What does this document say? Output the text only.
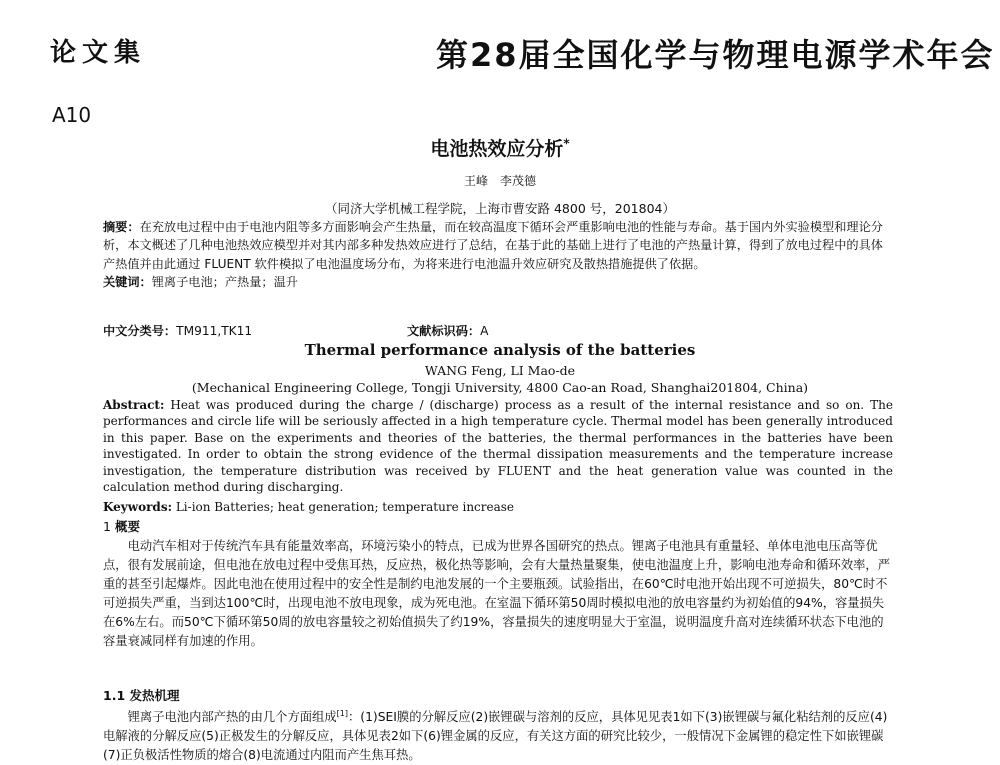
论文集	第28届全国化学与物理电源学术年会
A10
电池热效应分析*
王峰　李茂德
（同济大学机械工程学院，上海市曹安路 4800 号，201804）
摘要：在充放电过程中由于电池内阻等多方面影响会产生热量，而在较高温度下循环会严重影响电池的性能与寿命。基于国内外实验模型和理论分析，本文概述了几种电池热效应模型并对其内部多种发热效应进行了总结，在基于此的基础上进行了电池的产热量计算，得到了放电过程中的具体产热值并由此通过 FLUENT 软件模拟了电池温度场分布，为将来进行电池温升效应研究及散热措施提供了依据。
关键词：锂离子电池；产热量；温升
中文分类号：TM911,TK11	文献标识码：A
Thermal performance analysis of the batteries
WANG Feng, LI Mao-de
(Mechanical Engineering College, Tongji University, 4800 Cao-an Road, Shanghai201804, China)
Abstract: Heat was produced during the charge / (discharge) process as a result of the internal resistance and so on. The performances and circle life will be seriously affected in a high temperature cycle. Thermal model has been generally introduced in this paper. Base on the experiments and theories of the batteries, the thermal performances in the batteries have been investigated. In order to obtain the strong evidence of the thermal dissipation measurements and the temperature increase investigation, the temperature distribution was received by FLUENT and the heat generation value was counted in the calculation method during discharging.
Keywords: Li-ion Batteries; heat generation; temperature increase
1 概要

电动汽车相对于传统汽车具有能量效率高，环境污染小的特点，已成为世界各国研究的热点。锂离子电池具有重量轻、单体电池电压高等优点，很有发展前途，但电池在放电过程中受焦耳热，反应热，极化热等影响，会有大量热量聚集，使电池温度上升，影响电池寿命和循环效率，严重的甚至引起爆炸。因此电池在使用过程中的安全性是制约电池发展的一个主要瓶颈。试验指出，在60℃时电池开始出现不可逆损失，80℃时不可逆损失严重，当到达100℃时，出现电池不放电现象，成为死电池。在室温下循环第50周时模拟电池的放电容量约为初始值的94%，容量损失在6%左右。而50℃下循环第50周的放电容量较之初始值损失了约19%，容量损失的速度明显大于室温，说明温度升高对连续循环状态下电池的容量衰减同样有加速的作用。

1.1 发热机理

锂离子电池内部产热的由几个方面组成[1]：(1)SEI膜的分解反应(2)嵌锂碳与溶剂的反应，具体见见表1如下(3)嵌锂碳与氟化粘结剂的反应(4)电解液的分解反应(5)正极发生的分解反应，具体见表2如下(6)锂金属的反应，有关这方面的研究比较少，一般情况下金属锂的稳定性下如嵌锂碳(7)正负极活性物质的熔合(8)电流通过内阻而产生焦耳热。
